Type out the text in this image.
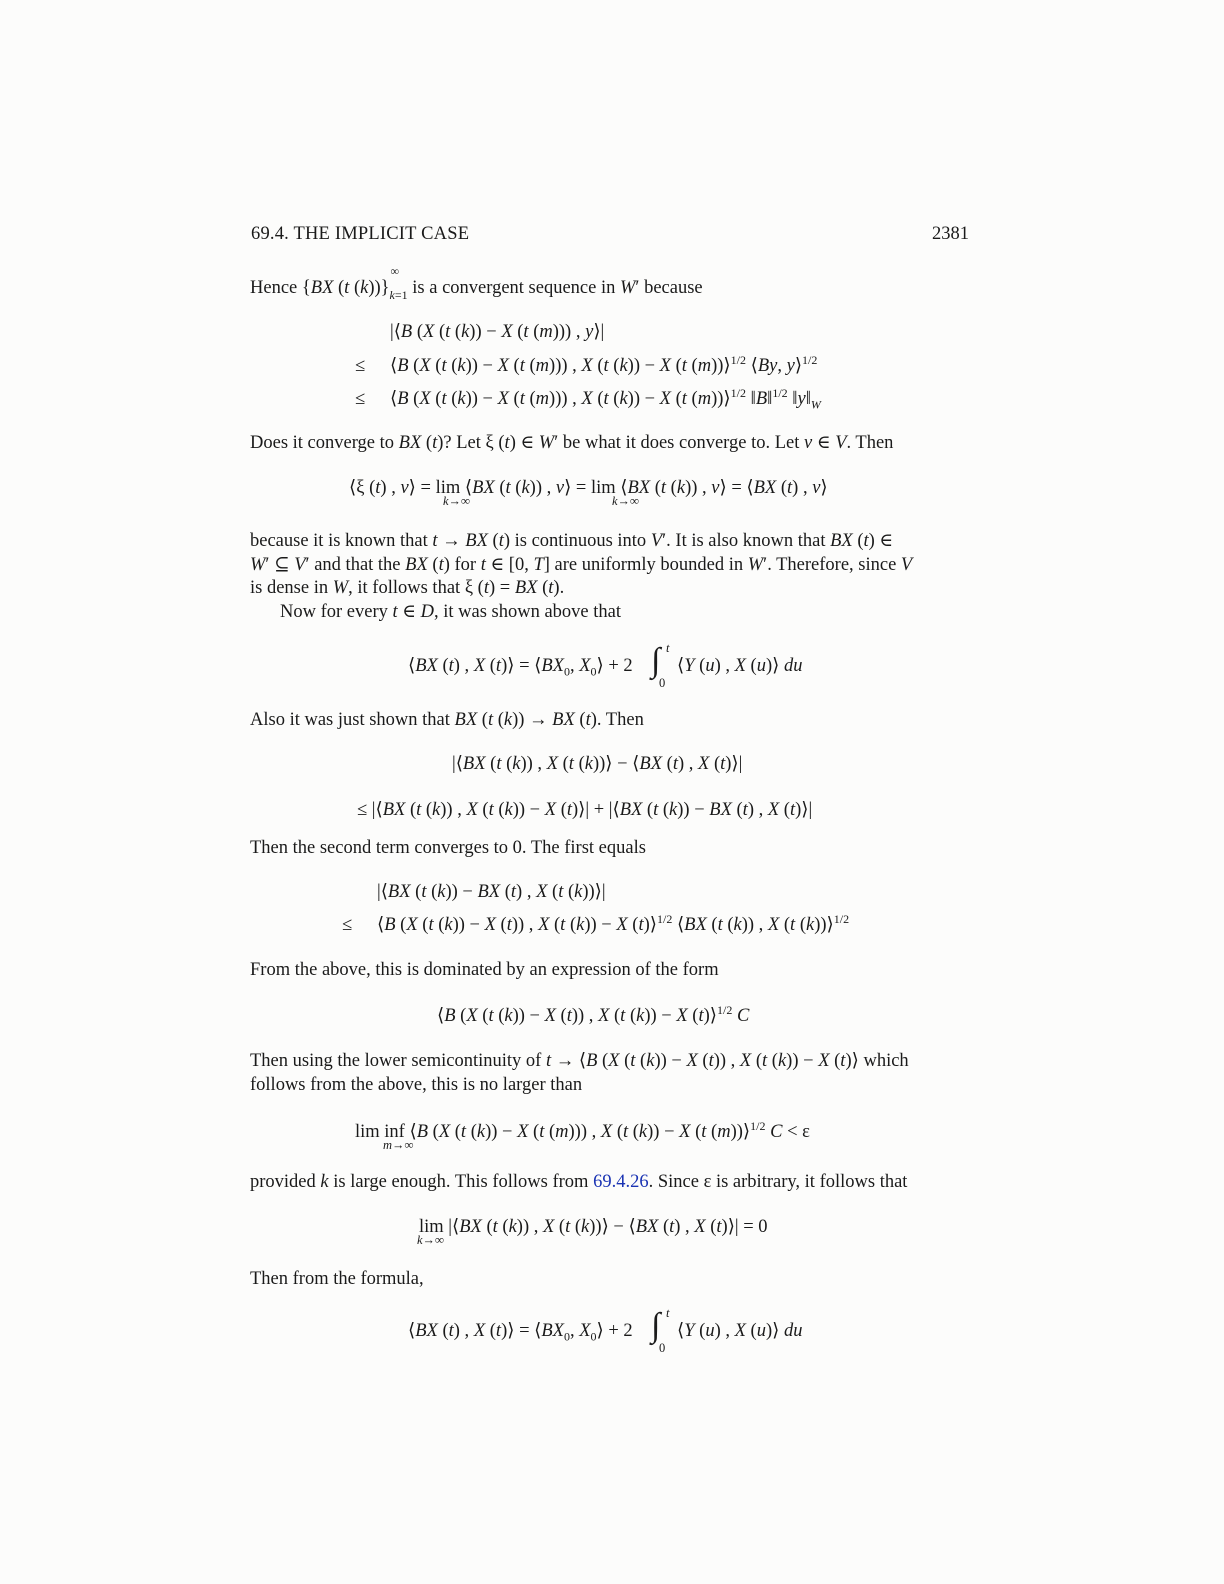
69.4. THE IMPLICIT CASE	2381
Hence {BX (t (k))}
∞
$_{k=1}$ is a convergent sequence in W′ because
|⟨B (X (t (k)) − X (t (m))) , y⟩|
≤ ⟨B (X (t (k)) − X (t (m))) , X (t (k)) − X (t (m))⟩$^{1/2}$ ⟨By, y⟩$^{1/2}$
≤ ⟨B (X (t (k)) − X (t (m))) , X (t (k)) − X (t (m))⟩$^{1/2}$ ‖B‖$^{1/2}$ $‖y‖_W$
Does it converge to BX (t)? Let ξ (t) ∈ W′ be what it does converge to. Let v ∈ V. Then
⟨ξ (t) , v⟩ = lim ⟨BX (t (k)) , v⟩ = lim ⟨BX (t (k)) , v⟩ = ⟨BX (t) , v⟩
k→∞	k→∞
because it is known that t → BX (t) is continuous into V′. It is also known that BX (t) ∈
W′ ⊆ V′ and that the BX (t) for t ∈ [0, T] are uniformly bounded in W′. Therefore, since V
is dense in W, it follows that ξ (t) = BX (t).
Now for every t ∈ D, it was shown above that
⟨BX (t) , X (t)⟩ = $⟨BX_0$, $X_0⟩ + 2$ ∫ t
0
⟨Y (u) , X (u)⟩ du
Also it was just shown that BX (t (k)) → BX (t). Then
|⟨BX (t (k)) , X (t (k))⟩ − ⟨BX (t) , X (t)⟩|
≤ |⟨BX (t (k)) , X (t (k)) − X (t)⟩| + |⟨BX (t (k)) − BX (t) , X (t)⟩|
Then the second term converges to 0. The first equals
|⟨BX (t (k)) − BX (t) , X (t (k))⟩|
≤ ⟨B (X (t (k)) − X (t)) , X (t (k)) − X (t)⟩$^{1/2}$ ⟨BX (t (k)) , X (t (k))⟩$^{1/2}$
From the above, this is dominated by an expression of the form
⟨B (X (t (k)) − X (t)) , X (t (k)) − X (t)⟩$^{1/2}$ C
Then using the lower semicontinuity of t → ⟨B (X (t (k)) − X (t)) , X (t (k)) − X (t)⟩ which
follows from the above, this is no larger than
lim inf ⟨B (X (t (k)) − X (t (m))) , X (t (k)) − X (t (m))⟩$^{1/2}$ C < ε
m→∞
provided k is large enough. This follows from 69.4.26. Since ε is arbitrary, it follows that
lim |⟨BX (t (k)) , X (t (k))⟩ − ⟨BX (t) , X (t)⟩| = 0
k→∞
Then from the formula,
⟨BX (t) , X (t)⟩ = $⟨BX_0$, $X_0⟩ + 2$ ∫ t
0
⟨Y (u) , X (u)⟩ du
